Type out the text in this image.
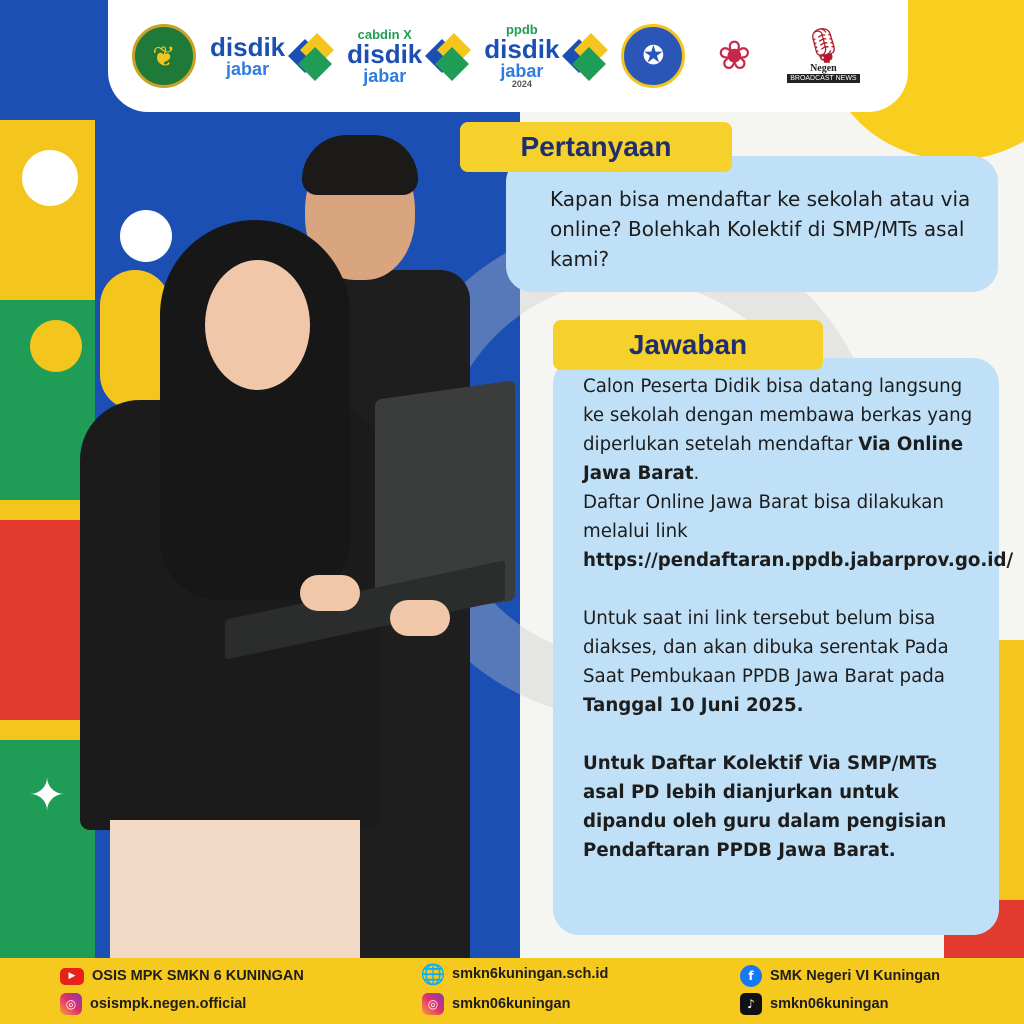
✦
❦	disdik
jabar
cabdin X
disdik
jabar
ppdb
disdik
jabar
2024
✪	❀	🎙
Negen
BROADCAST NEWS

Kapan bisa mendaftar ke sekolah atau via online? Bolehkah Kolektif di SMP/MTs asal kami?

Pertanyaan

Calon Peserta Didik bisa datang langsung ke sekolah dengan membawa berkas yang diperlukan setelah mendaftar Via Online Jawa Barat.

Daftar Online Jawa Barat bisa dilakukan melalui link https://pendaftaran.ppdb.jabarprov.go.id/

Untuk saat ini link tersebut belum bisa diakses, dan akan dibuka serentak Pada Saat Pembukaan PPDB Jawa Barat pada Tanggal 10 Juni 2025.

Untuk Daftar Kolektif Via SMP/MTs asal PD lebih dianjurkan untuk dipandu oleh guru dalam pengisian Pendaftaran PPDB Jawa Barat.

Jawaban
▶	OSIS MPK SMKN 6 KUNINGAN
◎ osismpk.negen.official
🌐 smkn6kuningan.sch.id
◎ smkn06kuningan
f	SMK Negeri VI Kuningan
♪	smkn06kuningan
